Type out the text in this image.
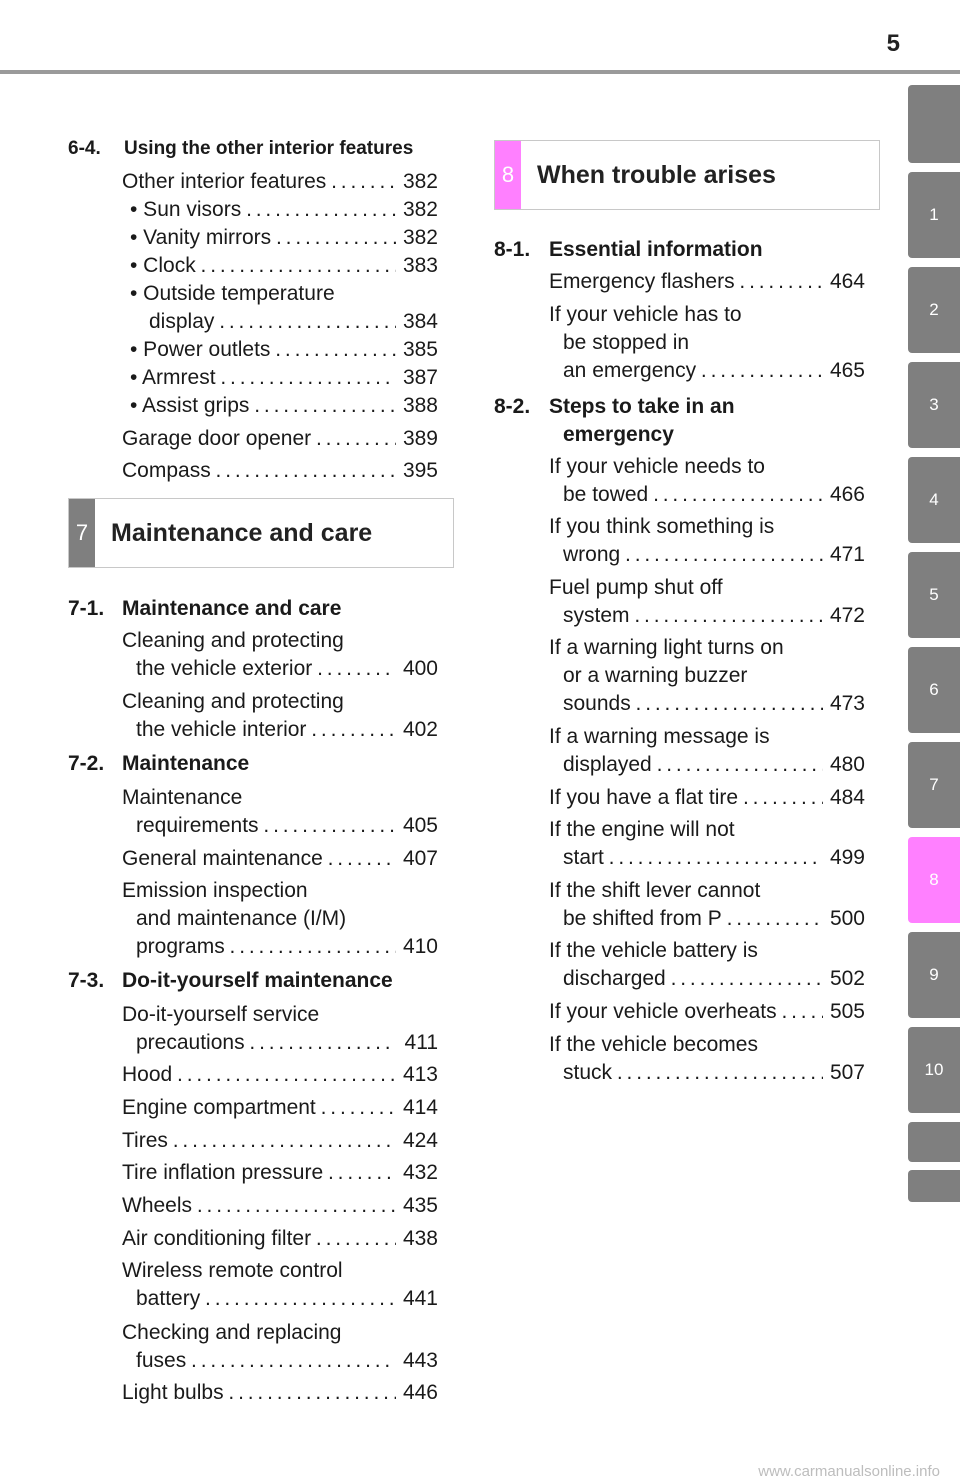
5
1
2
3
4
5
6
7
8
9
10
6-4. Using the other interior features
Other interior features . . .	382
• Sun visors . . .	382
• Vanity mirrors . . .	382
• Clock . . .	383
• Outside temperature
display . . .	384
• Power outlets . . .	385
• Armrest . . .	387
• Assist grips . . .	388
Garage door opener . . .	389
Compass . . .	395
7 Maintenance and care
7-1. Maintenance and care
Cleaning and protecting
the vehicle exterior . . .	400
Cleaning and protecting
the vehicle interior . . .	402
7-2. Maintenance
Maintenance
requirements . . .	405
General maintenance . . .	407
Emission inspection
and maintenance (I/M)
programs . . .	410
7-3. Do-it-yourself maintenance
Do-it-yourself service
precautions . . .	411
Hood . . .	413
Engine compartment . . .	414
Tires . . .	424
Tire inflation pressure . . .	432
Wheels . . .	435
Air conditioning filter . . .	438
Wireless remote control
battery . . .	441
Checking and replacing
fuses . . .	443
Light bulbs . . .	446
8 When trouble arises
8-1. Essential information
Emergency flashers . . .	464
If your vehicle has to
be stopped in
an emergency . . .	465
8-2. Steps to take in an
emergency
If your vehicle needs to
be towed . . .	466
If you think something is
wrong . . .	471
Fuel pump shut off
system . . .	472
If a warning light turns on
or a warning buzzer
sounds . . .	473
If a warning message is
displayed . . .	480
If you have a flat tire . . .	484
If the engine will not
start . . .	499
If the shift lever cannot
be shifted from P . . .	500
If the vehicle battery is
discharged . . .	502
If your vehicle overheats . . .	505
If the vehicle becomes
stuck . . .	507
www.carmanualsonline.info
